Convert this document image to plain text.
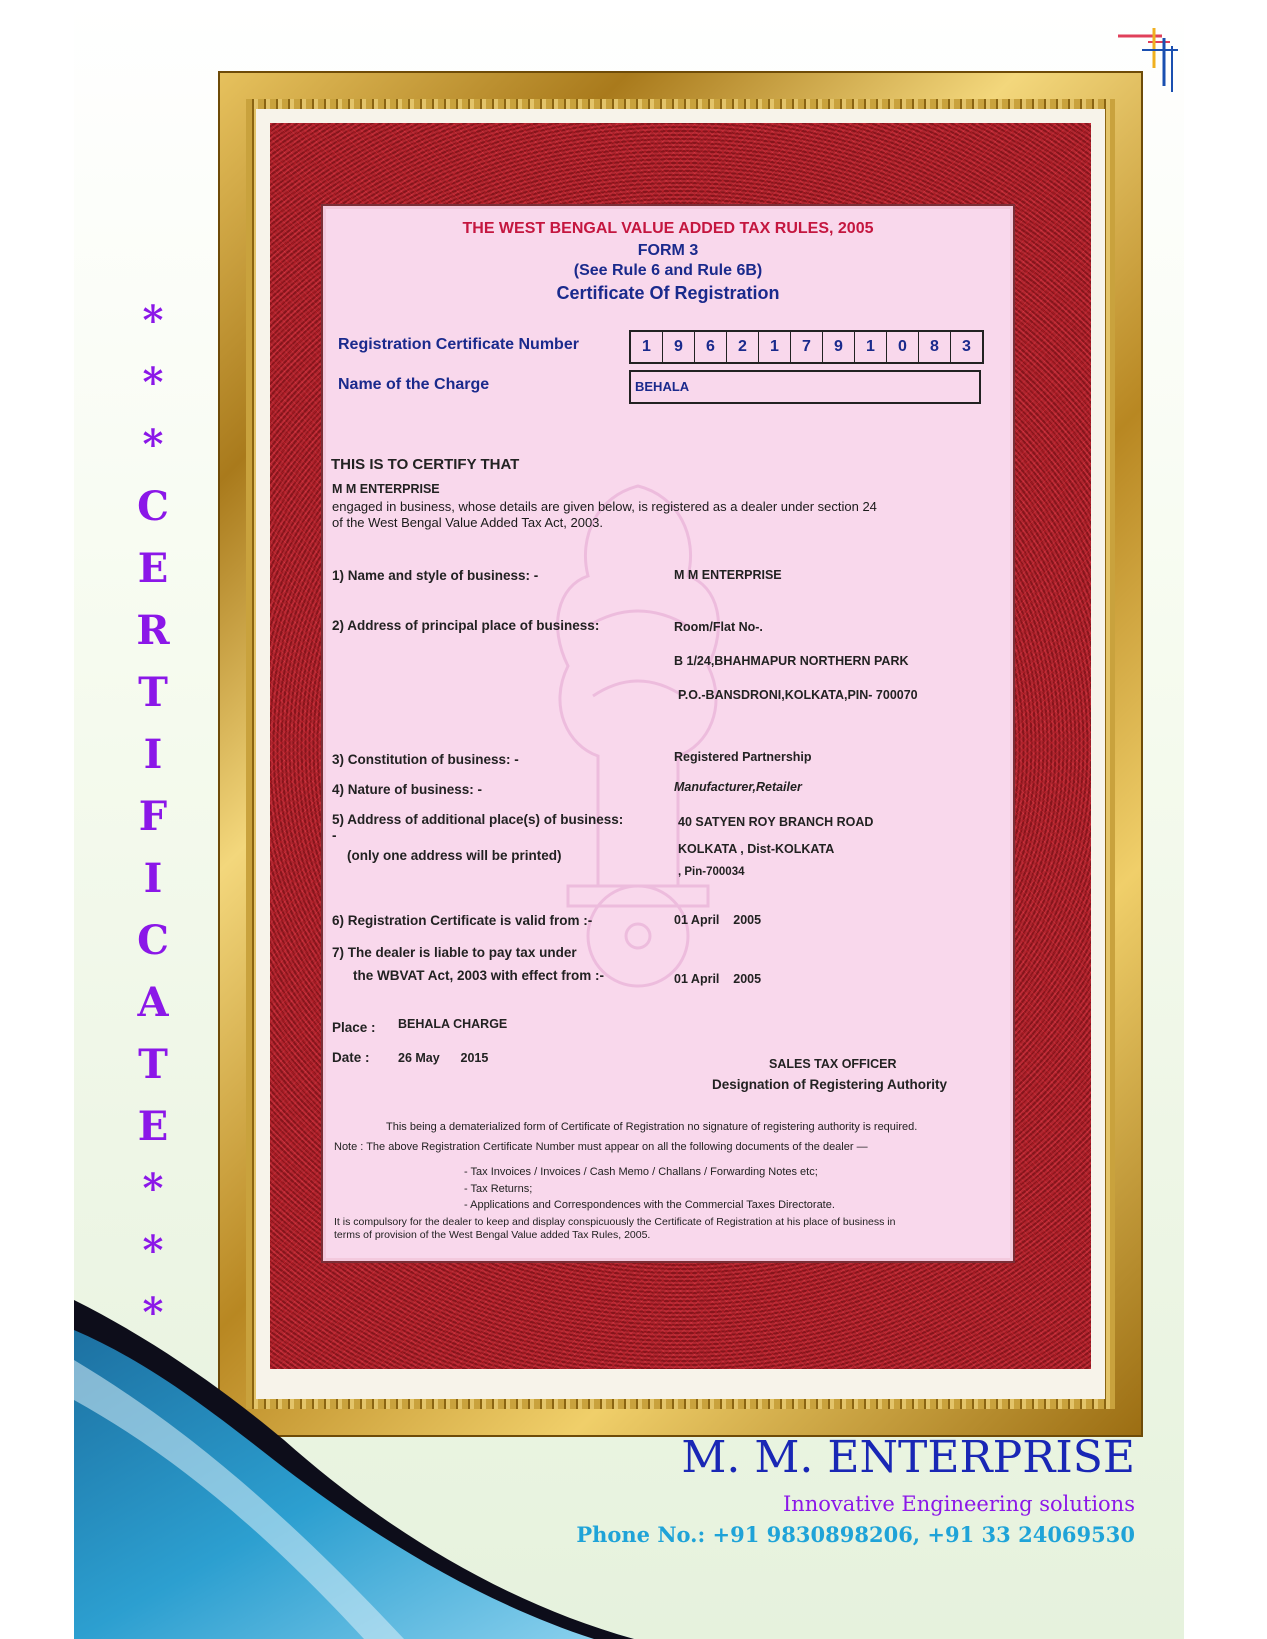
*
*
*
C
E
R
T
I
F
I
C
A
T
E
*
*
*
THE WEST BENGAL VALUE ADDED TAX RULES, 2005
FORM 3
(See Rule 6 and Rule 6B)
Certificate Of Registration
Registration Certificate Number	1	9	6	2	1	7	9	1	0	8	3
Name of the Charge	BEHALA
THIS IS TO CERTIFY THAT
M M ENTERPRISE
engaged in business, whose details are given below, is registered as a dealer under section 24
of the West Bengal Value Added Tax Act, 2003.
1) Name and style of business: -	M M ENTERPRISE
2) Address of principal place of business:	Room/Flat No-.
B 1/24,BHAHMAPUR NORTHERN PARK
P.O.-BANSDRONI,KOLKATA,PIN- 700070
3) Constitution of business: -	Registered Partnership
4) Nature of business: -	Manufacturer,Retailer
5) Address of additional place(s) of business:
-
(only one address will be printed)
40 SATYEN ROY BRANCH ROAD
KOLKATA , Dist-KOLKATA
, Pin-700034
6) Registration Certificate is valid from :-	01 April    2005
7) The dealer is liable to pay tax under
the WBVAT Act, 2003 with effect from :-	01 April    2005
Place : BEHALA CHARGE
Date : 26 May      2015	SALES TAX OFFICER
Designation of Registering Authority
This being a dematerialized form of Certificate of Registration no signature of registering authority is required.
Note : The above Registration Certificate Number must appear on all the following documents of the dealer —
- Tax Invoices / Invoices / Cash Memo / Challans / Forwarding Notes etc;
- Tax Returns;
- Applications and Correspondences with the Commercial Taxes Directorate.
It is compulsory for the dealer to keep and display conspicuously the Certificate of Registration at his place of business in
terms of provision of the West Bengal Value added Tax Rules, 2005.
M. M. ENTERPRISE
Innovative Engineering solutions
Phone No.: +91 9830898206, +91 33 24069530
